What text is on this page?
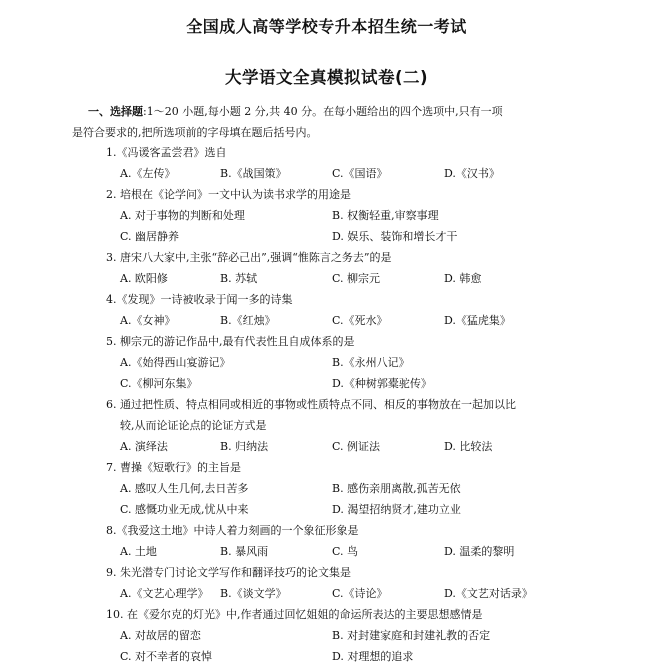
全国成人高等学校专升本招生统一考试
大学语文全真模拟试卷(二)
一、选择题:1～20 小题,每小题 2 分,共 40 分。在每小题给出的四个选项中,只有一项
是符合要求的,把所选项前的字母填在题后括号内。
1.《冯谖客孟尝君》选自
A.《左传》	B.《战国策》	C.《国语》	D.《汉书》
2. 培根在《论学问》一文中认为读书求学的用途是
A. 对于事物的判断和处理	B. 权衡轻重,审察事理
C. 幽居静养	D. 娱乐、装饰和增长才干
3. 唐宋八大家中,主张“辞必己出”,强调“惟陈言之务去”的是
A. 欧阳修	B. 苏轼	C. 柳宗元	D. 韩愈
4.《发现》一诗被收录于闻一多的诗集
A.《女神》	B.《红烛》	C.《死水》	D.《猛虎集》
5. 柳宗元的游记作品中,最有代表性且自成体系的是
A.《始得西山宴游记》	B.《永州八记》
C.《柳河东集》	D.《种树郭橐驼传》
6. 通过把性质、特点相同或相近的事物或性质特点不同、相反的事物放在一起加以比
较,从而论证论点的论证方式是
A. 演绎法	B. 归纳法	C. 例证法	D. 比较法
7. 曹操《短歌行》的主旨是
A. 感叹人生几何,去日苦多	B. 感伤亲朋离散,孤苦无依
C. 感慨功业无成,忧从中来	D. 渴望招纳贤才,建功立业
8.《我爱这土地》中诗人着力刻画的一个象征形象是
A. 土地	B. 暴风雨	C. 鸟	D. 温柔的黎明
9. 朱光潜专门讨论文学写作和翻译技巧的论文集是
A.《文艺心理学》 B.《谈文学》	C.《诗论》	D.《文艺对话录》
10. 在《爱尔克的灯光》中,作者通过回忆姐姐的命运所表达的主要思想感情是
A. 对故居的留恋	B. 对封建家庭和封建礼教的否定
C. 对不幸者的哀悼	D. 对理想的追求
